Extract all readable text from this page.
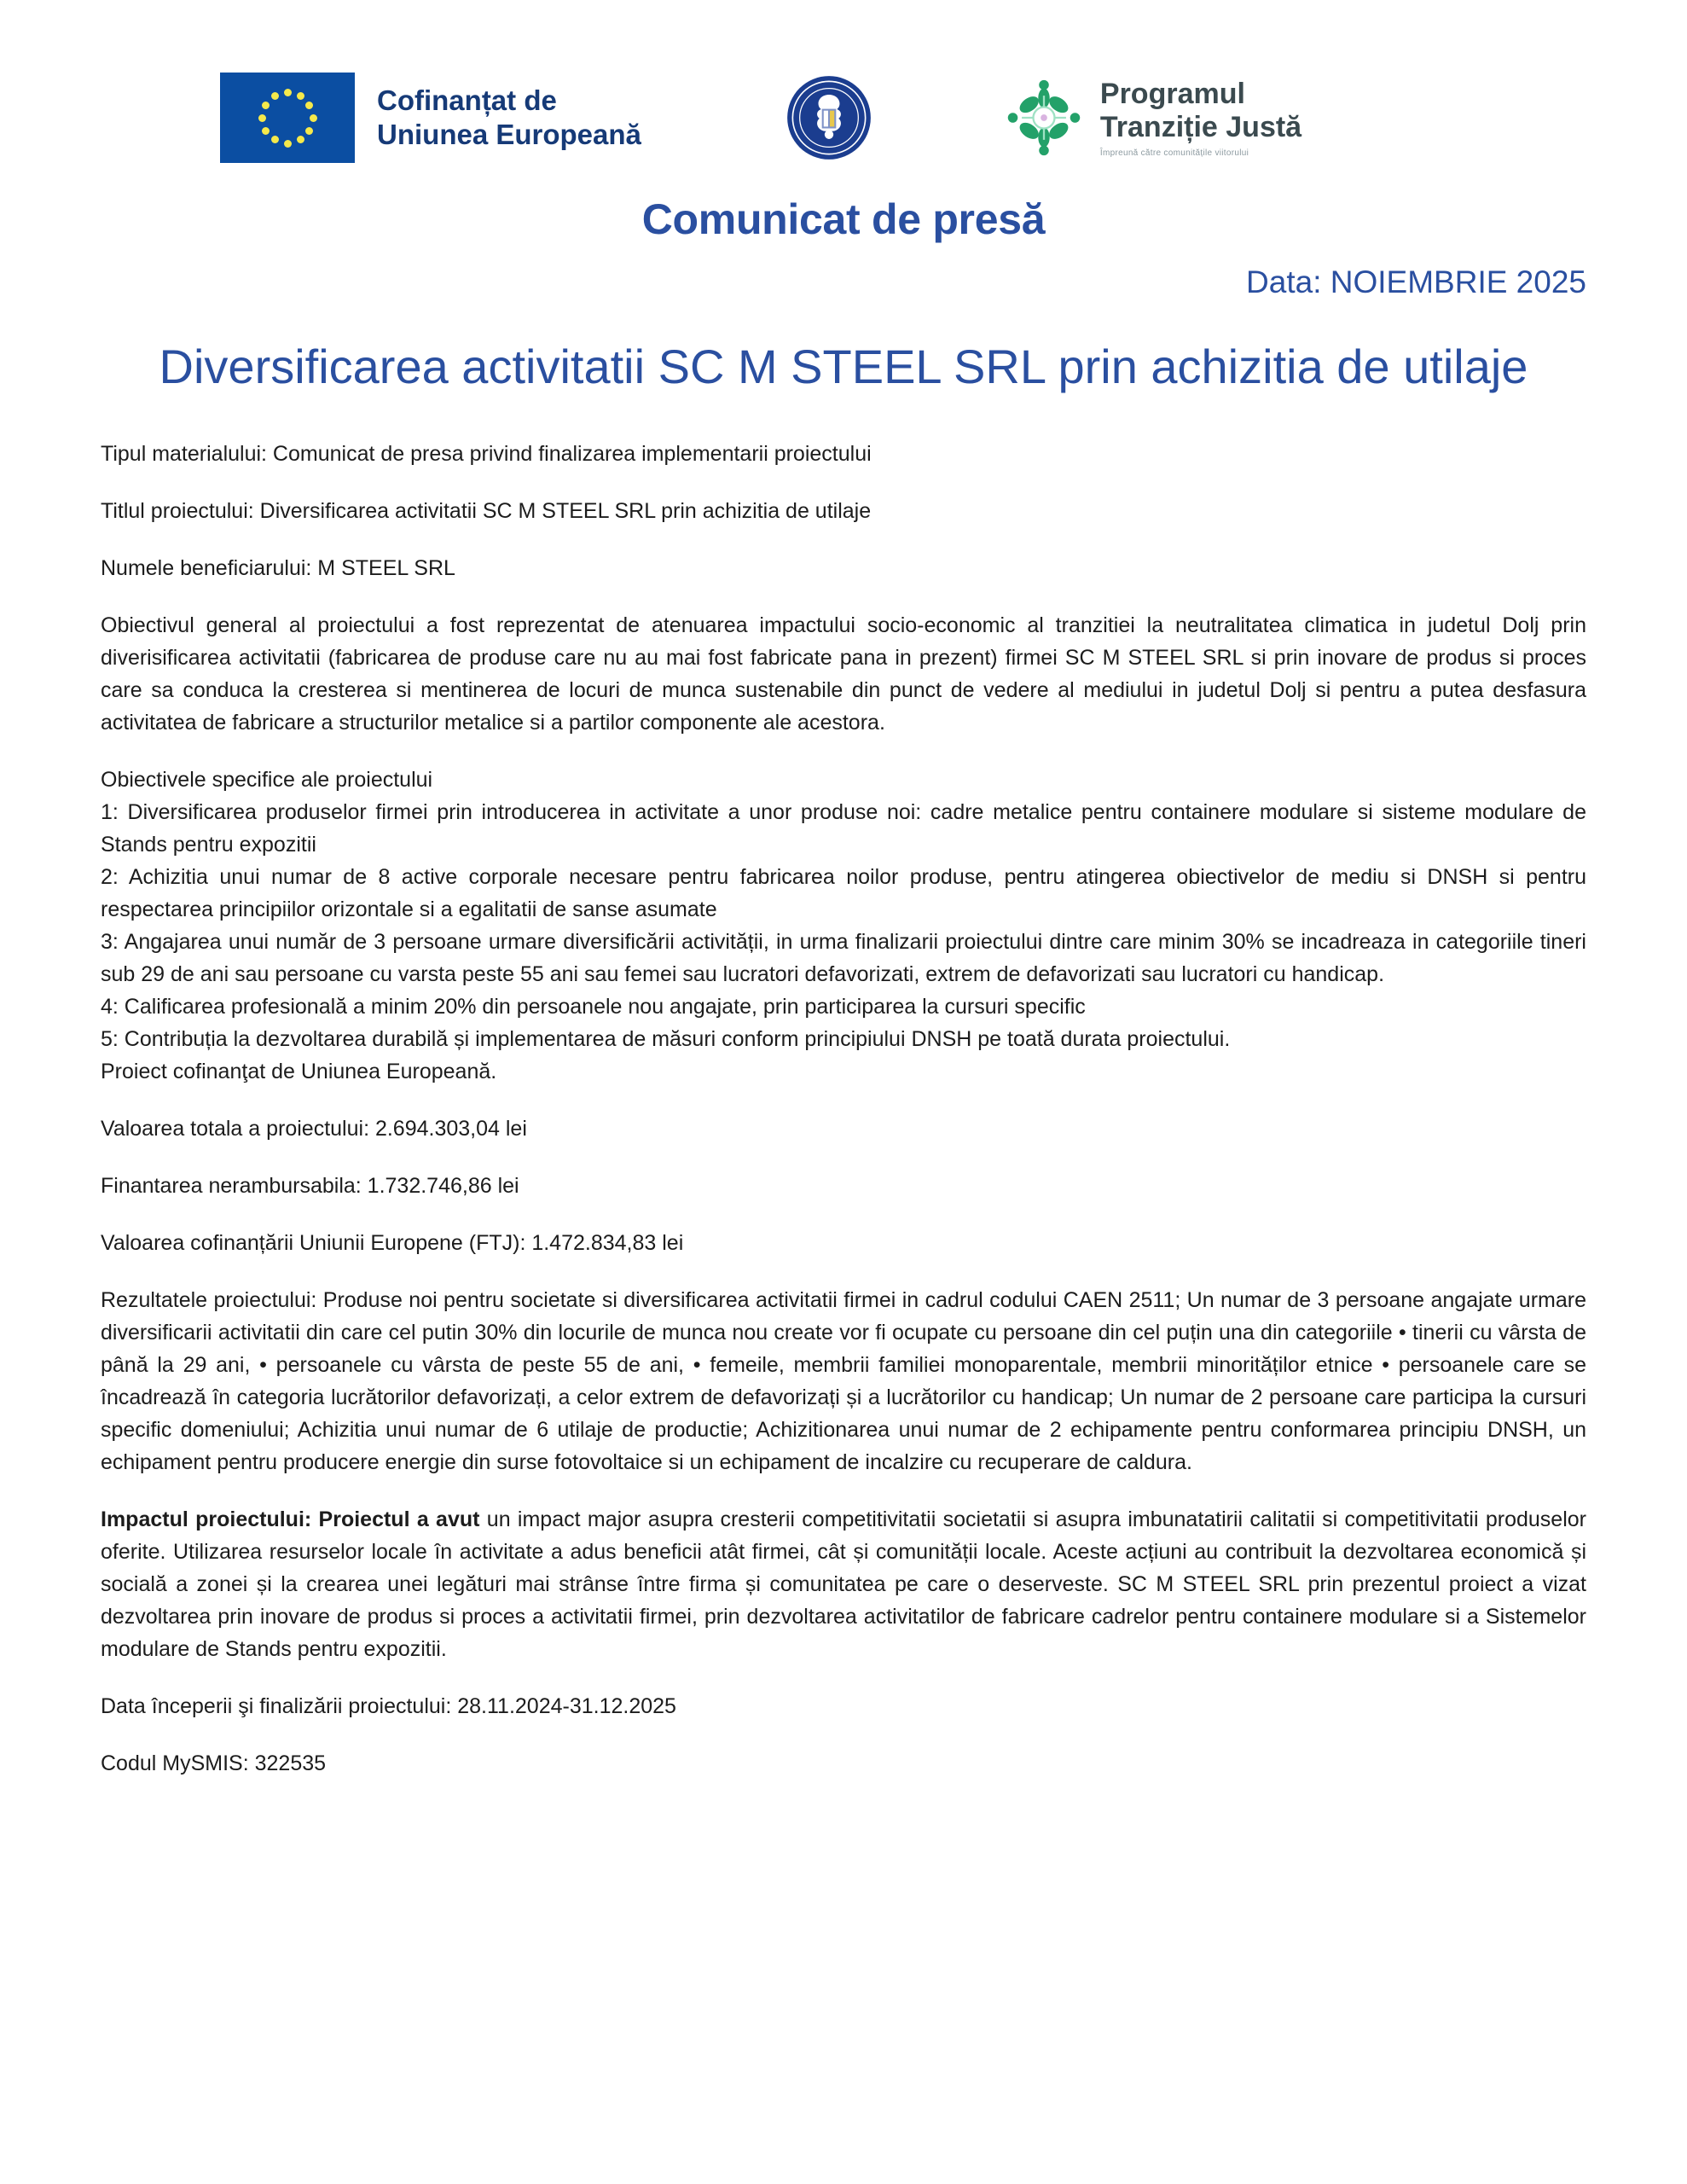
Cofinanțat de
Uniunea Europeană
Programul
Tranziție Justă
Împreună către comunitățile viitorului
Comunicat de presă
Data: NOIEMBRIE 2025
Diversificarea activitatii SC M STEEL SRL prin achizitia de utilaje

Tipul materialului: Comunicat de presa privind finalizarea implementarii proiectului

Titlul proiectului: Diversificarea activitatii SC M STEEL SRL prin achizitia de utilaje

Numele beneficiarului: M STEEL SRL

Obiectivul general al proiectului a fost reprezentat de atenuarea impactului socio-economic al tranzitiei la neutralitatea climatica in judetul Dolj prin diverisificarea activitatii (fabricarea de produse care nu au mai fost fabricate pana in prezent) firmei SC M STEEL SRL si prin inovare de produs si proces care sa conduca la cresterea si mentinerea de locuri de munca sustenabile din punct de vedere al mediului in judetul Dolj si pentru a putea desfasura activitatea de fabricare a structurilor metalice si a partilor componente ale acestora.

Obiectivele specifice ale proiectului

1: Diversificarea produselor firmei prin introducerea in activitate a unor produse noi: cadre metalice pentru containere modulare si sisteme modulare de Stands pentru expozitii

2: Achizitia unui numar de 8 active corporale necesare pentru fabricarea noilor produse, pentru atingerea obiectivelor de mediu si DNSH si pentru respectarea principiilor orizontale si a egalitatii de sanse asumate

3: Angajarea unui număr de 3 persoane urmare diversificării activității, in urma finalizarii proiectului dintre care minim 30% se incadreaza in categoriile tineri sub 29 de ani sau persoane cu varsta peste 55 ani sau femei sau lucratori defavorizati, extrem de defavorizati sau lucratori cu handicap.

4: Calificarea profesională a minim 20% din persoanele nou angajate, prin participarea la cursuri specific

5: Contribuția la dezvoltarea durabilă și implementarea de măsuri conform principiului DNSH pe toată durata proiectului.

Proiect cofinanţat de Uniunea Europeană.

Valoarea totala a proiectului: 2.694.303,04 lei

Finantarea nerambursabila: 1.732.746,86 lei

Valoarea cofinanțării Uniunii Europene (FTJ): 1.472.834,83 lei

Rezultatele proiectului: Produse noi pentru societate si diversificarea activitatii firmei in cadrul codului CAEN 2511; Un numar de 3 persoane angajate urmare diversificarii activitatii din care cel putin 30% din locurile de munca nou create vor fi ocupate cu persoane din cel puțin una din categoriile • tinerii cu vârsta de până la 29 ani, • persoanele cu vârsta de peste 55 de ani, • femeile, membrii familiei monoparentale, membrii minorităților etnice • persoanele care se încadrează în categoria lucrătorilor defavorizați, a celor extrem de defavorizați și a lucrătorilor cu handicap; Un numar de 2 persoane care participa la cursuri specific domeniului; Achizitia unui numar de 6 utilaje de productie; Achizitionarea unui numar de 2 echipamente pentru conformarea principiu DNSH, un echipament pentru producere energie din surse fotovoltaice si un echipament de incalzire cu recuperare de caldura.

Impactul proiectului: Proiectul a avut un impact major asupra cresterii competitivitatii societatii si asupra imbunatatirii calitatii si competitivitatii produselor oferite. Utilizarea resurselor locale în activitate a adus beneficii atât firmei, cât și comunității locale. Aceste acțiuni au contribuit la dezvoltarea economică și socială a zonei și la crearea unei legături mai strânse între firma și comunitatea pe care o deserveste. SC M STEEL SRL prin prezentul proiect a vizat dezvoltarea prin inovare de produs si proces a activitatii firmei, prin dezvoltarea activitatilor de fabricare cadrelor pentru containere modulare si a Sistemelor modulare de Stands pentru expozitii.

Data începerii şi finalizării proiectului: 28.11.2024-31.12.2025

Codul MySMIS: 322535
